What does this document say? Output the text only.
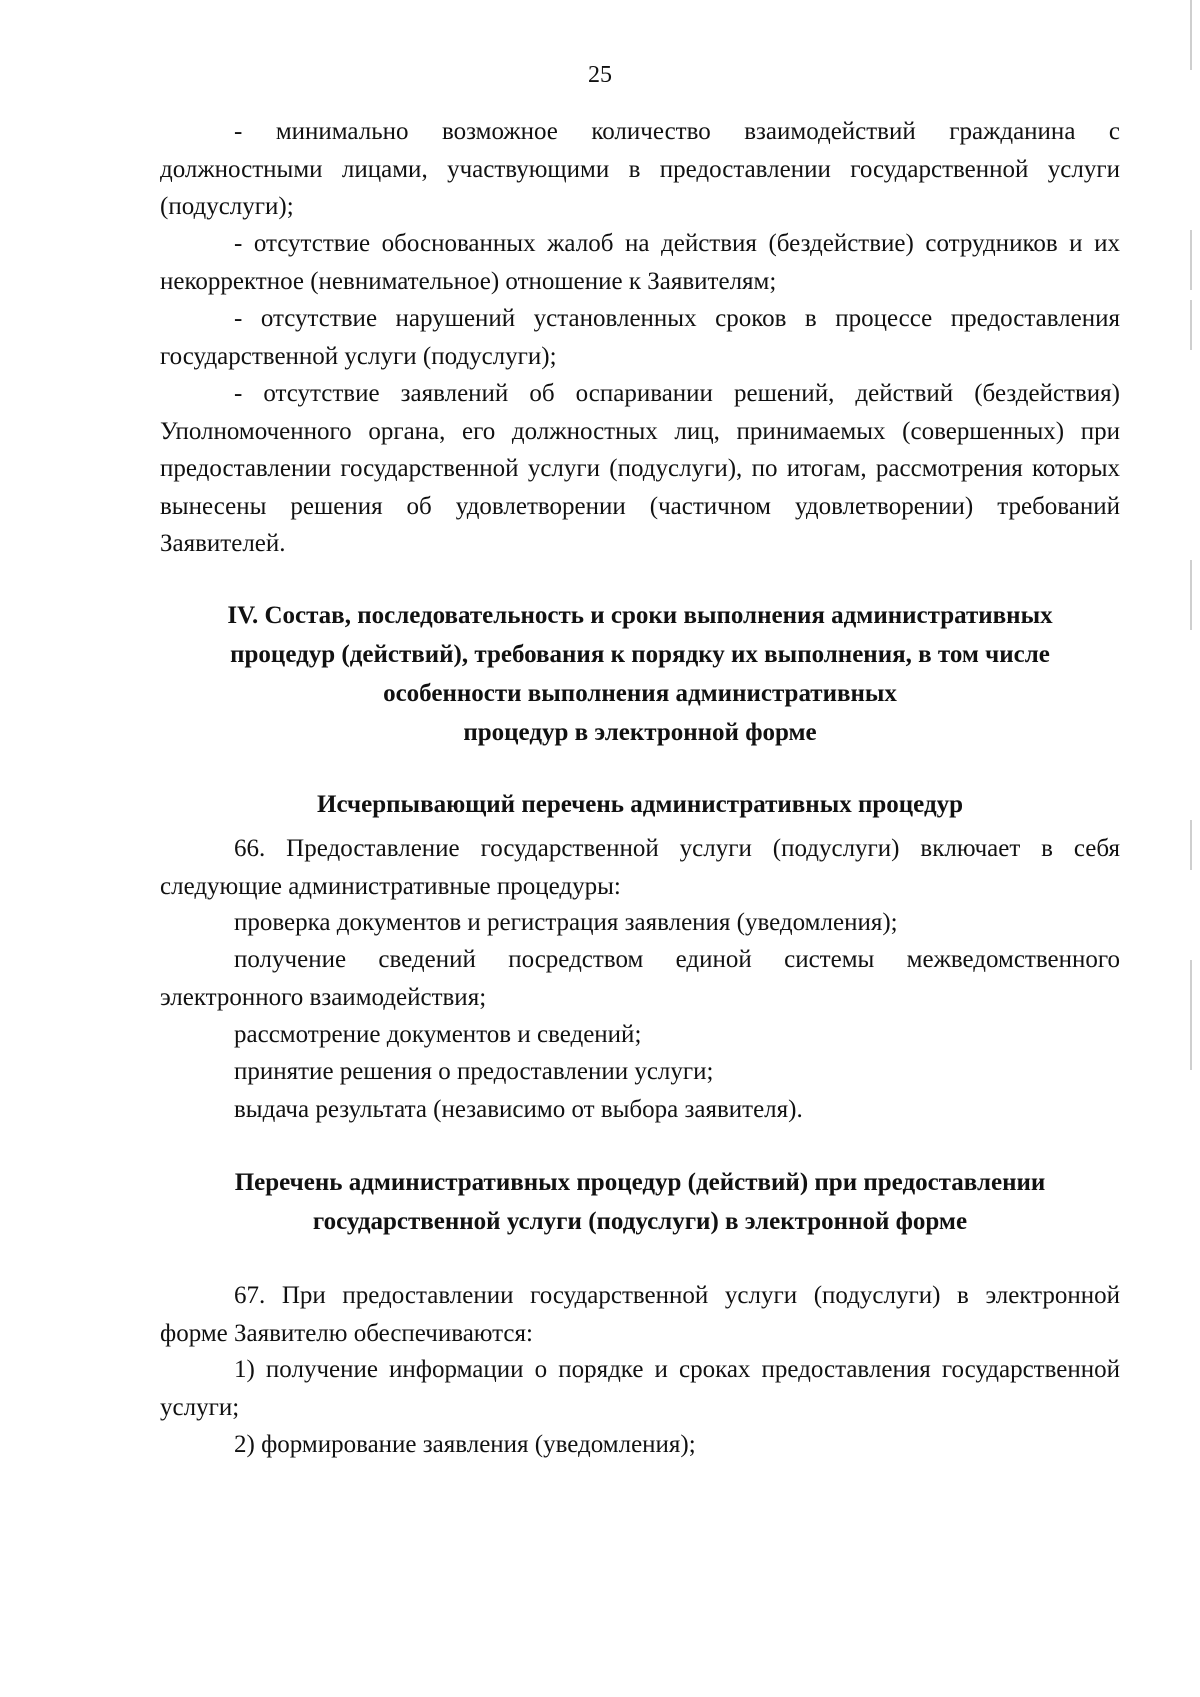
25

- минимально возможное количество взаимодействий гражданина с должностными лицами, участвующими в предоставлении государственной услуги (подуслуги);

- отсутствие обоснованных жалоб на действия (бездействие) сотрудников и их некорректное (невнимательное) отношение к Заявителям;

- отсутствие нарушений установленных сроков в процессе предоставления государственной услуги (подуслуги);

- отсутствие заявлений об оспаривании решений, действий (бездействия) Уполномоченного органа, его должностных лиц, принимаемых (совершенных) при предоставлении государственной услуги (подуслуги), по итогам, рассмотрения которых вынесены решения об удовлетворении (частичном удовлетворении) требований Заявителей.

IV. Состав, последовательность и сроки выполнения административных
процедур (действий), требования к порядку их выполнения, в том числе
особенности выполнения административных
процедур в электронной форме
Исчерпывающий перечень административных процедур

66. Предоставление государственной услуги (подуслуги) включает в себя следующие административные процедуры:

проверка документов и регистрация заявления (уведомления);

получение сведений посредством единой системы межведомственного электронного взаимодействия;

рассмотрение документов и сведений;

принятие решения о предоставлении услуги;

выдача результата (независимо от выбора заявителя).

Перечень административных процедур (действий) при предоставлении
государственной услуги (подуслуги) в электронной форме

67. При предоставлении государственной услуги (подуслуги) в электронной форме Заявителю обеспечиваются:

1) получение информации о порядке и сроках предоставления государственной услуги;

2) формирование заявления (уведомления);
